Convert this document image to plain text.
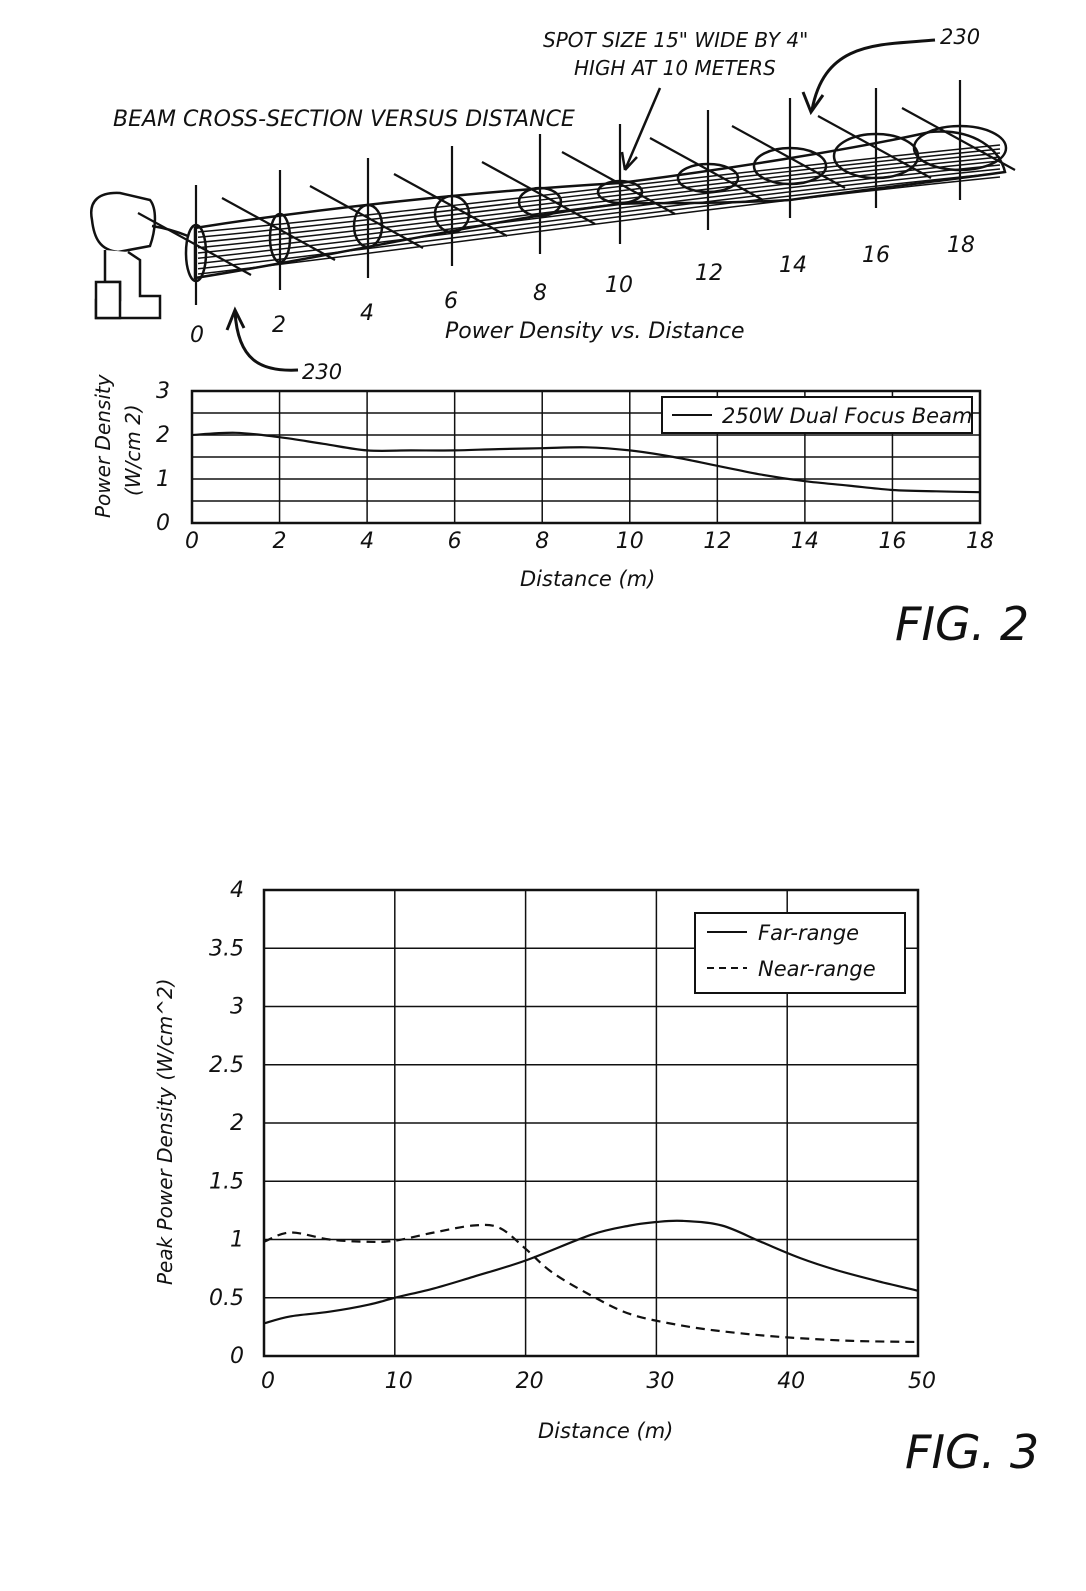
BEAM CROSS-SECTION VERSUS DISTANCE
SPOT SIZE 15" WIDE BY 4"
HIGH AT 10 METERS
230
230
0	2	4	6	8	10	12	14	16	18
Power Density vs. Distance
Power Density (W/cm 2)
Distance (m)
0	2	4	6	8	10	12	14	16	18
0
1
2
3
250W Dual Focus Beam
FIG. 2
Peak Power Density (W/cm^2)
Distance (m)
0	10	20	30	40	50
0
0.5
1
1.5
2
2.5
3
3.5
4
Far-range
Near-range
FIG. 3
